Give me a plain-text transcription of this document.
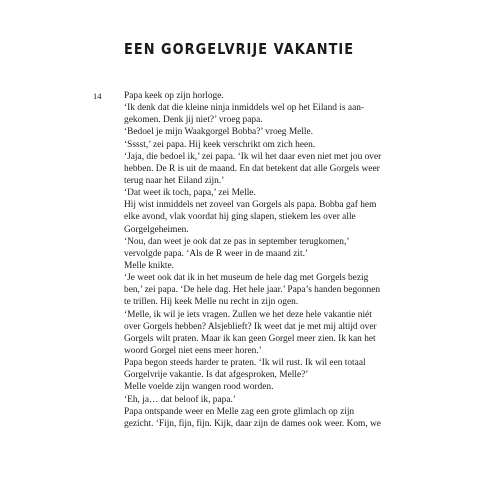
EEN GORGELVRIJE VAKANTIE
14 Papa keek op zijn horloge.
‘Ik denk dat die kleine ninja inmiddels wel op het Eiland is aan-
gekomen. Denk jij niet?’ vroeg papa.
‘Bedoel je mijn Waakgorgel Bobba?’ vroeg Melle.
‘Sssst,’ zei papa. Hij keek verschrikt om zich heen.
‘Jaja, die bedoel ik,’ zei papa. ‘Ik wil het daar even niet met jou over
hebben. De R is uit de maand. En dat betekent dat alle Gorgels weer
terug naar het Eiland zijn.’
‘Dat weet ik toch, papa,’ zei Melle.
Hij wist inmiddels net zoveel van Gorgels als papa. Bobba gaf hem
elke avond, vlak voordat hij ging slapen, stiekem les over alle
Gorgelgeheimen.
‘Nou, dan weet je ook dat ze pas in september terugkomen,’
vervolgde papa. ‘Als de R weer in de maand zit.’
Melle knikte.
‘Je weet ook dat ik in het museum de hele dag met Gorgels bezig
ben,’ zei papa. ‘De hele dag. Het hele jaar.’ Papa’s handen begonnen
te trillen. Hij keek Melle nu recht in zijn ogen.
‘Melle, ik wil je iets vragen. Zullen we het deze hele vakantie niét
over Gorgels hebben? Alsjeblieft? Ik weet dat je met mij altijd over
Gorgels wilt praten. Maar ik kan geen Gorgel meer zien. Ik kan het
woord Gorgel niet eens meer horen.’
Papa begon steeds harder te praten. ‘Ik wil rust. Ik wil een totaal
Gorgelvrije vakantie. Is dat afgesproken, Melle?’
Melle voelde zijn wangen rood worden.
‘Eh, ja… dat beloof ik, papa.’
Papa ontspande weer en Melle zag een grote glimlach op zijn
gezicht. ‘Fijn, fijn, fijn. Kijk, daar zijn de dames ook weer. Kom, we
